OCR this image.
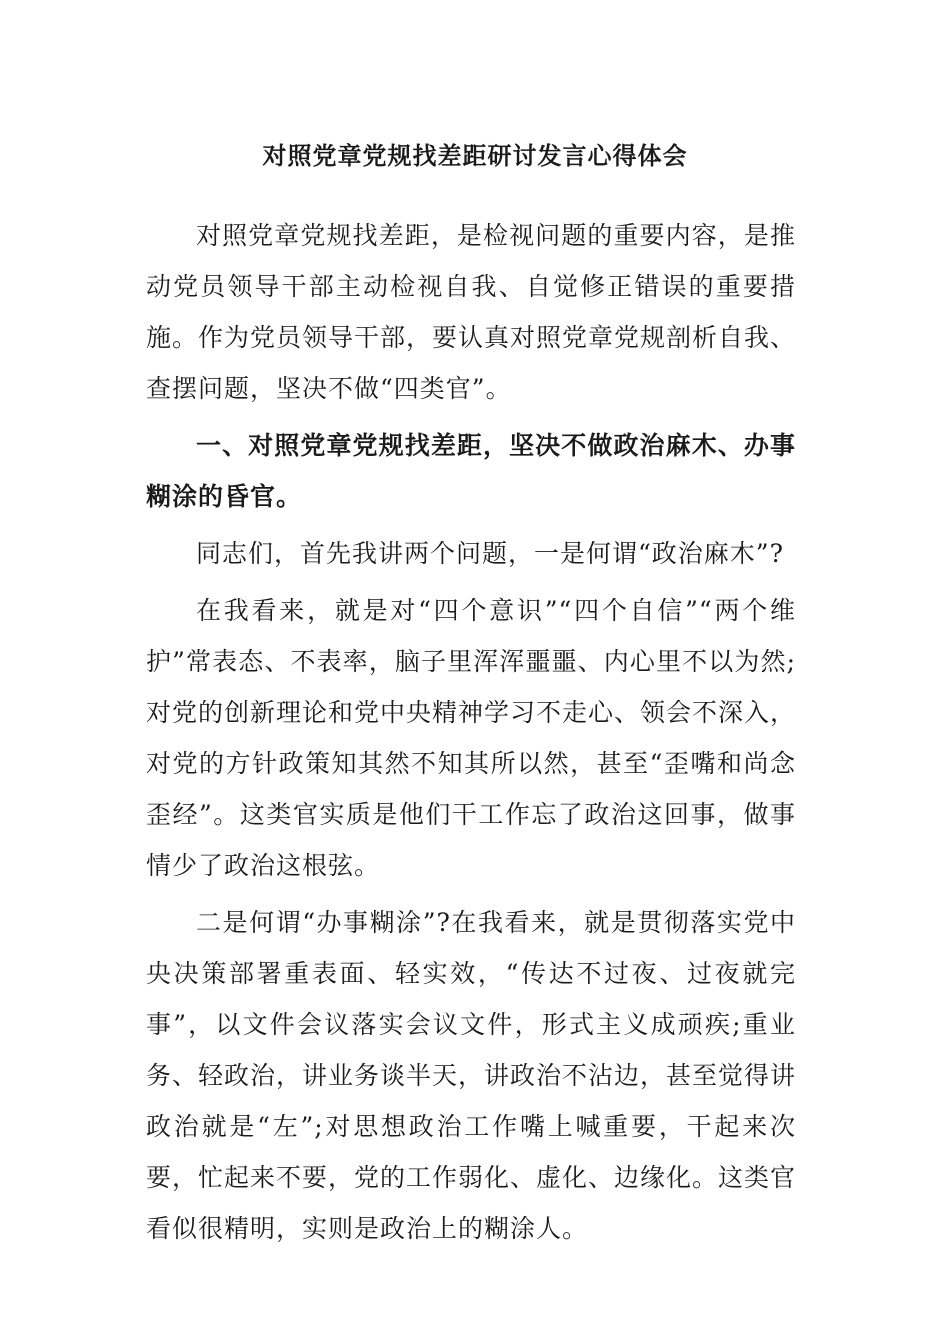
对照党章党规找差距研讨发言心得体会

对照党章党规找差距，是检视问题的重要内容，是推动党员领导干部主动检视自我、自觉修正错误的重要措施。作为党员领导干部，要认真对照党章党规剖析自我、查摆问题，坚决不做“四类官”。

一、对照党章党规找差距，坚决不做政治麻木、办事糊涂的昏官。

同志们，首先我讲两个问题，一是何谓“政治麻木”?

在我看来，就是对“四个意识”“四个自信”“两个维护”常表态、不表率，脑子里浑浑噩噩、内心里不以为然;对党的创新理论和党中央精神学习不走心、领会不深入，对党的方针政策知其然不知其所以然，甚至“歪嘴和尚念歪经”。这类官实质是他们干工作忘了政治这回事，做事情少了政治这根弦。

二是何谓“办事糊涂”?在我看来，就是贯彻落实党中央决策部署重表面、轻实效，“传达不过夜、过夜就完事”，以文件会议落实会议文件，形式主义成顽疾;重业务、轻政治，讲业务谈半天，讲政治不沾边，甚至觉得讲政治就是“左”;对思想政治工作嘴上喊重要，干起来次要，忙起来不要，党的工作弱化、虚化、边缘化。这类官看似很精明，实则是政治上的糊涂人。
